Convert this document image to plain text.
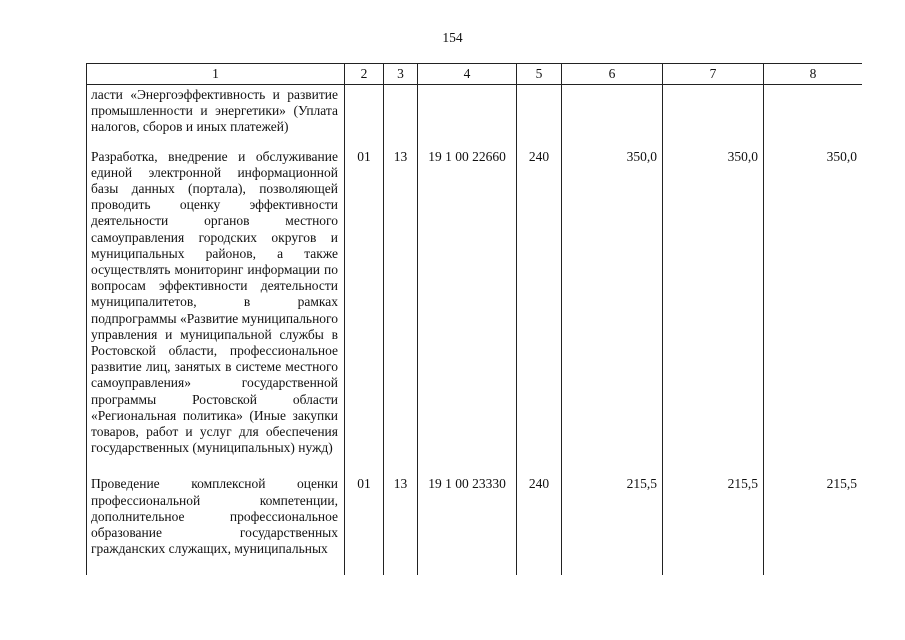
154
1	2	3	4	5	6	7	8
ласти «Энергоэффективность и развитие промышленности и энергетики» (Уплата налогов, сборов и иных платежей)							
Разработка, внедрение и обслуживание единой электронной информационной базы данных (портала), позволяющей проводить оценку эффективности деятельности органов местного самоуправления городских округов и муниципальных районов, а также осуществлять мониторинг информации по вопросам эффективности деятельности муниципалитетов, в рамках подпрограммы «Развитие муниципального управления и муниципальной службы в Ростовской области, профессиональное развитие лиц, занятых в системе местного самоуправления» государственной программы Ростовской области «Региональная политика» (Иные закупки товаров, работ и услуг для обеспечения государственных (муниципальных) нужд)	01	13	19 1 00 22660	240	350,0	350,0	350,0
Проведение комплексной оценки профессиональной компетенции, дополнительное профессиональное образование государственных гражданских служащих, муниципальных	01	13	19 1 00 23330	240	215,5	215,5	215,5
